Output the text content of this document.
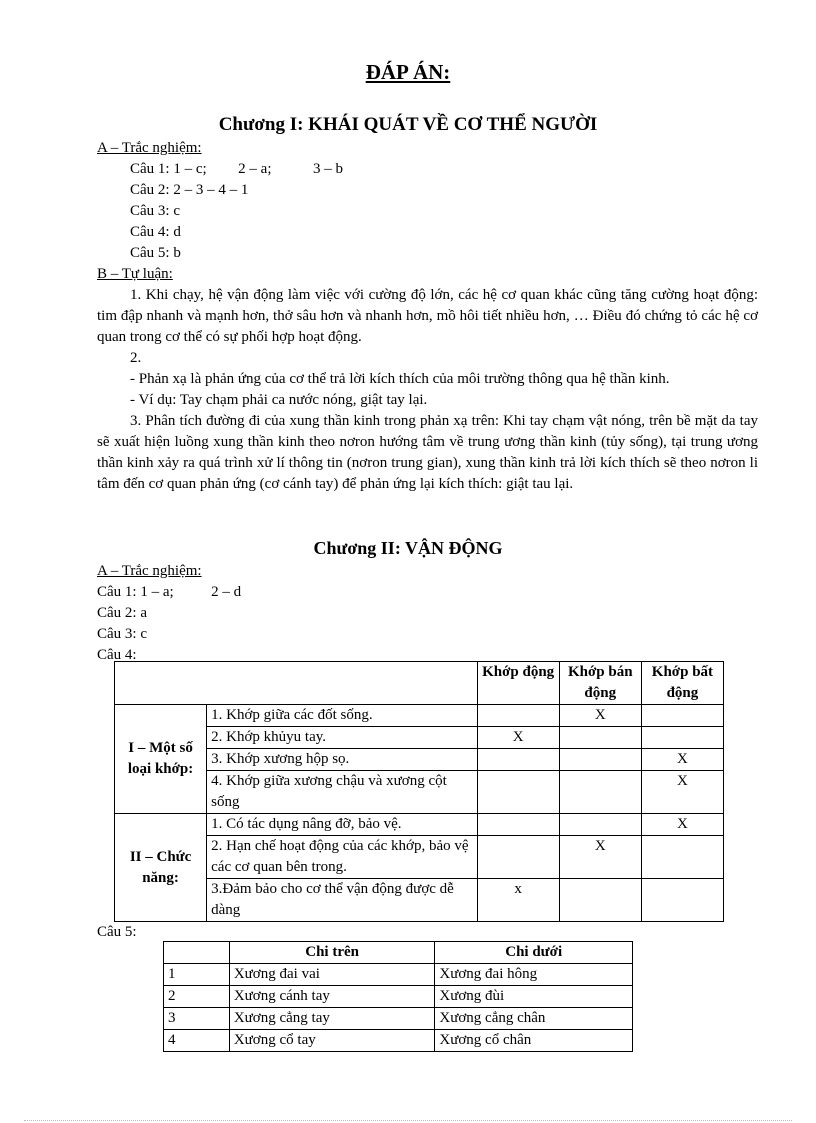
ĐÁP ÁN:
Chương I: KHÁI QUÁT VỀ CƠ THỂ NGƯỜI
A – Trắc nghiệm:
Câu 1: 1 – c; 2 – a;	3 – b
Câu 2: 2 – 3 – 4 – 1
Câu 3: c
Câu 4: d
Câu 5: b
B – Tự luận:
1. Khi chạy, hệ vận động làm việc với cường độ lớn, các hệ cơ quan khác cũng tăng cường hoạt động: tim đập nhanh và mạnh hơn, thở sâu hơn và nhanh hơn, mồ hôi tiết nhiều hơn, … Điều đó chứng tỏ các hệ cơ quan trong cơ thể có sự phối hợp hoạt động.
2.
- Phản xạ là phản ứng của cơ thể trả lời kích thích của môi trường thông qua hệ thần kinh.
- Ví dụ: Tay chạm phải ca nước nóng, giật tay lại.
3. Phân tích đường đi của xung thần kinh trong phản xạ trên: Khi tay chạm vật nóng, trên bề mặt da tay sẽ xuất hiện luồng xung thần kinh theo nơron hướng tâm về trung ương thần kinh (tủy sống), tại trung ương thần kinh xảy ra quá trình xử lí thông tin (nơron trung gian), xung thần kinh trả lời kích thích sẽ theo nơron li tâm đến cơ quan phản ứng (cơ cánh tay) để phản ứng lại kích thích: giật tau lại.
Chương II: VẬN ĐỘNG
A – Trắc nghiệm:
Câu 1: 1 – a;	2 – d
Câu 2: a
Câu 3: c
Câu 4:
		Khớp động	Khớp bán động	Khớp bất động
I – Một số loại khớp:	1. Khớp giữa các đốt sống.		X	
	2. Khớp khủyu tay.	X		
	3. Khớp xương hộp sọ.			X
	4. Khớp giữa xương chậu và xương cột sống			X
II – Chức năng:	1. Có tác dụng nâng đỡ, bảo vệ.			X
	2. Hạn chế hoạt động của các khớp, bảo vệ các cơ quan bên trong.		X	
	3.Đảm bảo cho cơ thể vận động được dễ dàng	x		
Câu 5:
	Chi trên	Chi dưới
1	Xương đai vai	Xương đai hông
2	Xương cánh tay	Xương đùi
3	Xương cẳng tay	Xương cẳng chân
4	Xương cổ tay	Xương cổ chân
